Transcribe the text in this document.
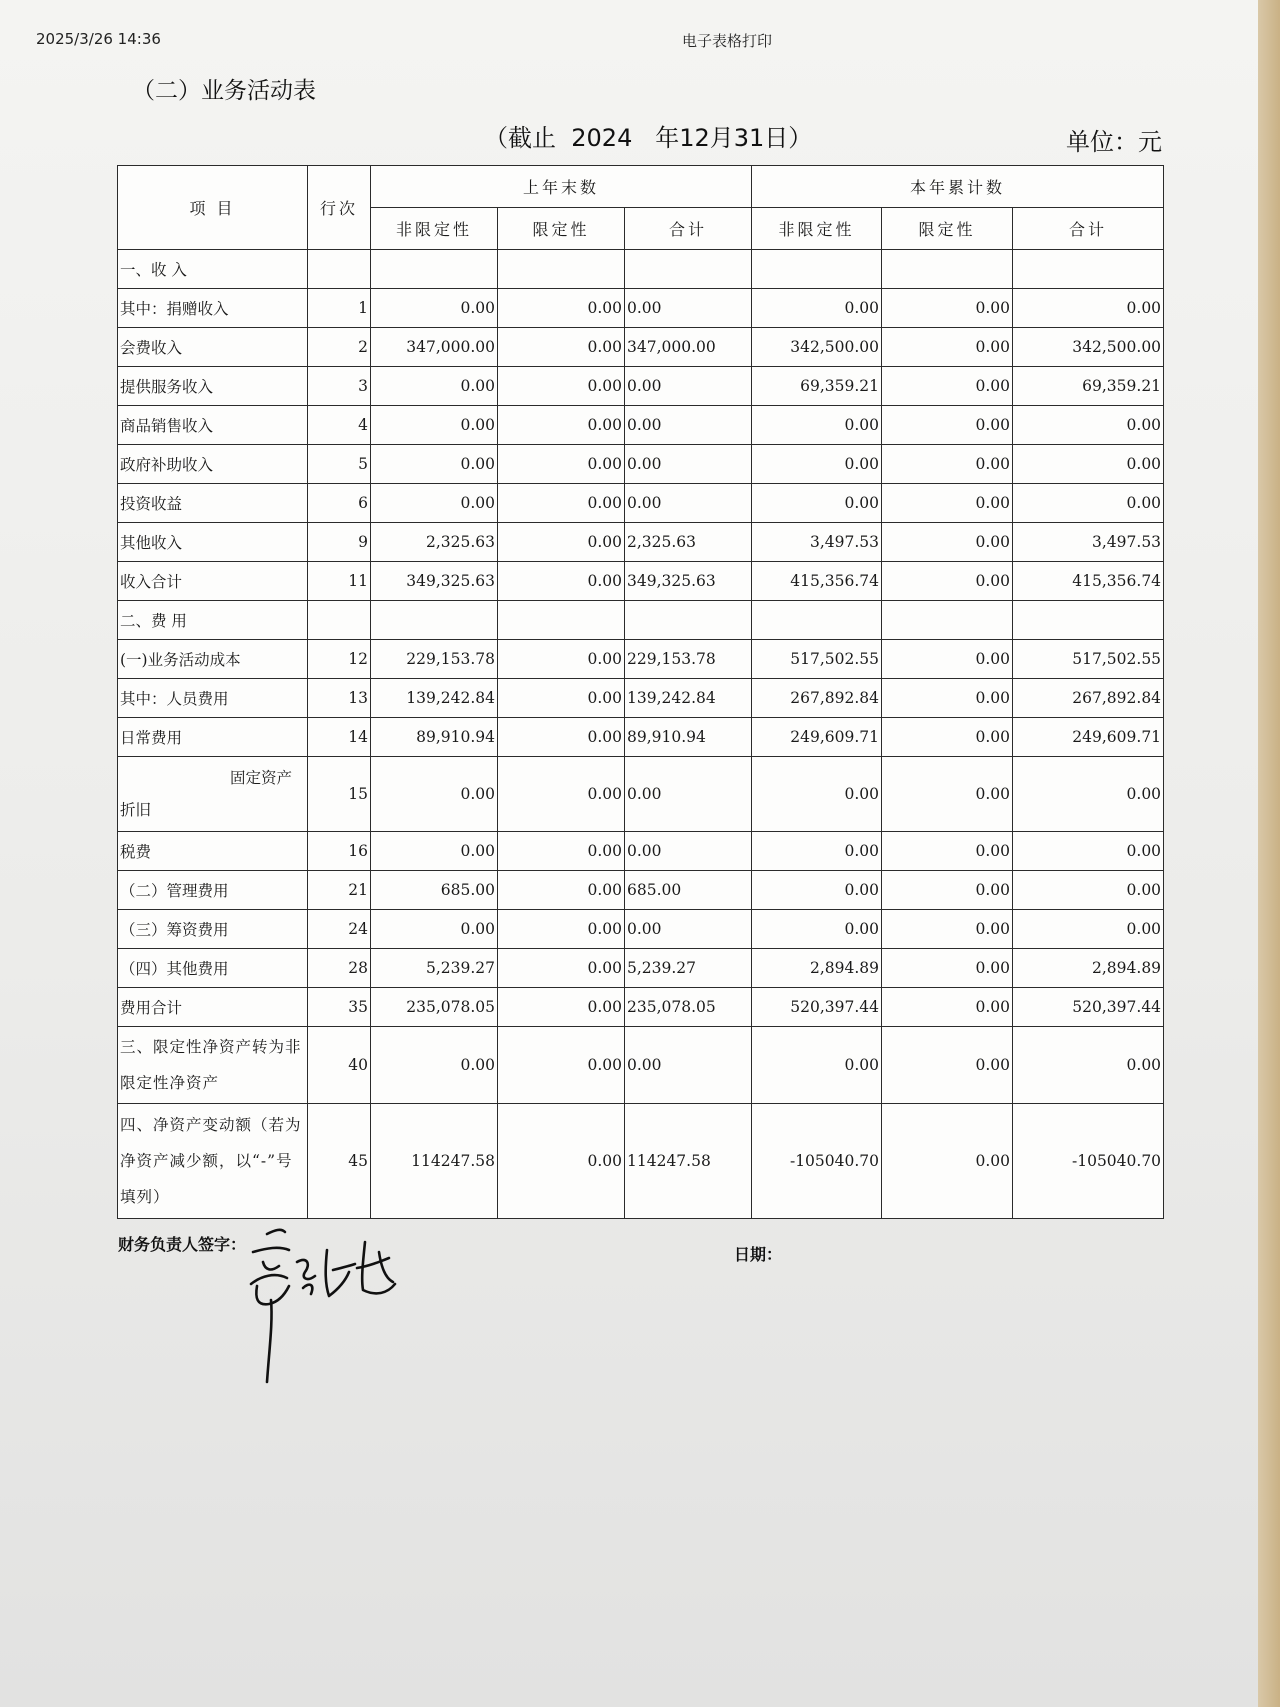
2025/3/26 14:36	电子表格打印
（二）业务活动表
（截止  2024   年12月31日）	单位：元
项 目	行次	上年末数			本年累计数		
		非限定性	限定性	合计	非限定性	限定性	合计
一、收 入							
其中：捐赠收入	1	0.00	0.00	0.00	0.00	0.00	0.00
会费收入	2	347,000.00	0.00	347,000.00	342,500.00	0.00	342,500.00
提供服务收入	3	0.00	0.00	0.00	69,359.21	0.00	69,359.21
商品销售收入	4	0.00	0.00	0.00	0.00	0.00	0.00
政府补助收入	5	0.00	0.00	0.00	0.00	0.00	0.00
投资收益	6	0.00	0.00	0.00	0.00	0.00	0.00
其他收入	9	2,325.63	0.00	2,325.63	3,497.53	0.00	3,497.53
收入合计	11	349,325.63	0.00	349,325.63	415,356.74	0.00	415,356.74
二、费 用							
(一)业务活动成本	12	229,153.78	0.00	229,153.78	517,502.55	0.00	517,502.55
其中：人员费用	13	139,242.84	0.00	139,242.84	267,892.84	0.00	267,892.84
日常费用	14	89,910.94	0.00	89,910.94	249,609.71	0.00	249,609.71

固定资产
折旧	15	0.00	0.00	0.00	0.00	0.00	0.00
税费	16	0.00	0.00	0.00	0.00	0.00	0.00
（二）管理费用	21	685.00	0.00	685.00	0.00	0.00	0.00
（三）筹资费用	24	0.00	0.00	0.00	0.00	0.00	0.00
（四）其他费用	28	5,239.27	0.00	5,239.27	2,894.89	0.00	2,894.89
费用合计	35	235,078.05	0.00	235,078.05	520,397.44	0.00	520,397.44
三、限定性净资产转为非限定性净资产	40	0.00	0.00	0.00	0.00	0.00	0.00
四、净资产变动额（若为净资产减少额，以“-”号填列）	45	114247.58	0.00	114247.58	-105040.70	0.00	-105040.70
财务负责人签字：
日期：
